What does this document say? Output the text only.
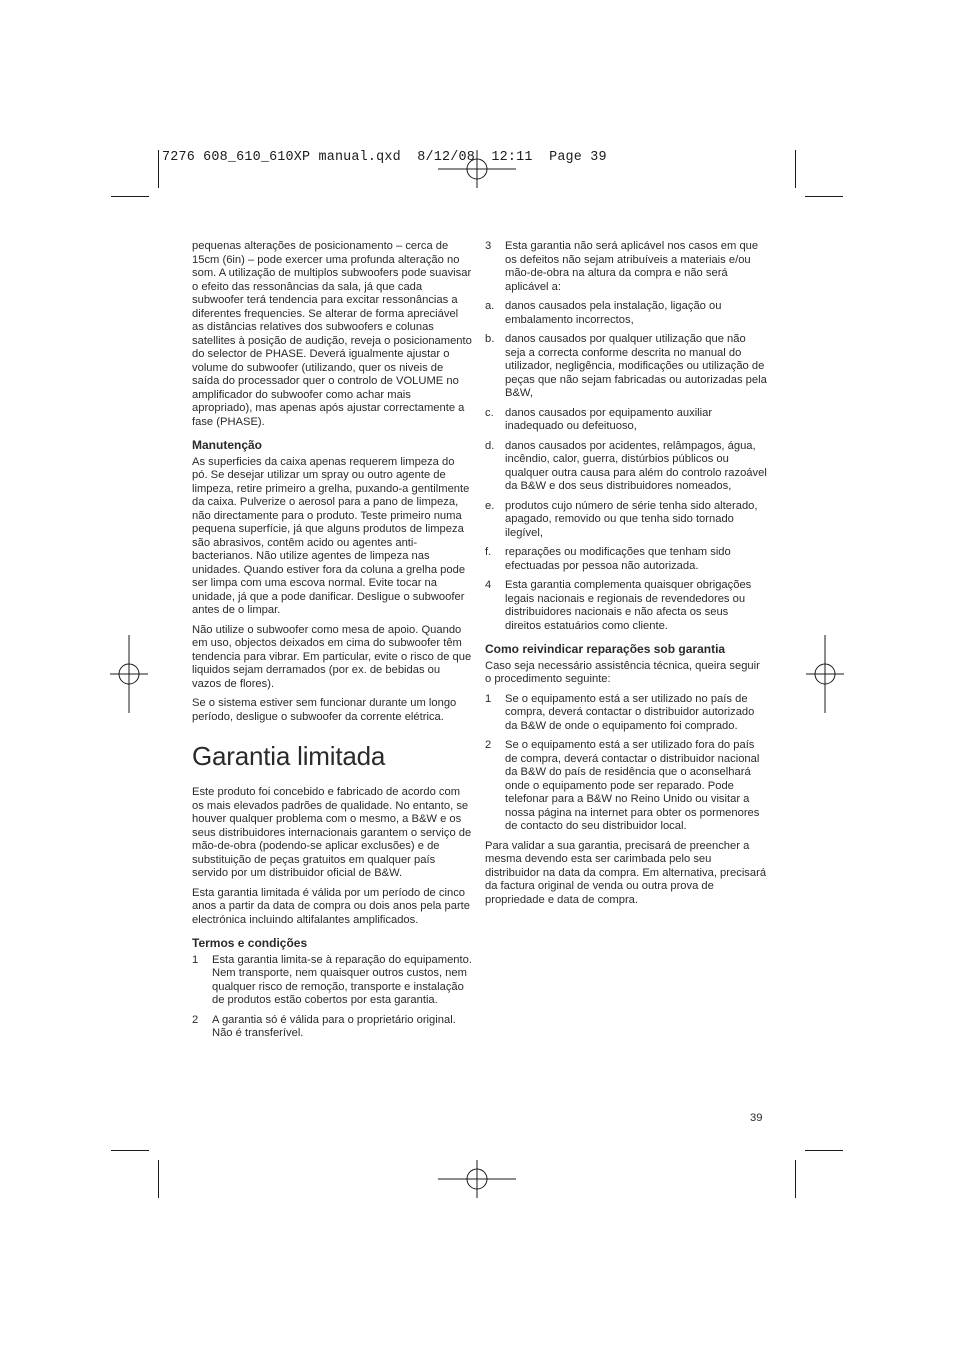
7276 608_610_610XP manual.qxd  8/12/08  12:11  Page 39

pequenas alterações de posicionamento – cerca de 15cm (6in) – pode exercer uma profunda alteração no som. A utilização de multiplos subwoofers pode suavisar o efeito das ressonâncias da sala, já que cada subwoofer terá tendencia para excitar ressonâncias a diferentes frequencies. Se alterar de forma apreciável as distâncias relatives dos subwoofers e colunas satellites à posição de audição, reveja o posicionamento do selector de PHASE. Deverá igualmente ajustar o volume do subwoofer (utilizando, quer os niveis de saída do processador quer o controlo de VOLUME no amplificador do subwoofer como achar mais apropriado), mas apenas após ajustar correctamente a fase (PHASE).

Manutenção

As superficies da caixa apenas requerem limpeza do pó. Se desejar utilizar um spray ou outro agente de limpeza, retire primeiro a grelha, puxando-a gentilmente da caixa. Pulverize o aerosol para a pano de limpeza, não directamente para o produto. Teste primeiro numa pequena superfície, já que alguns produtos de limpeza são abrasivos, contêm acido ou agentes anti-bacterianos. Não utilize agentes de limpeza nas unidades. Quando estiver fora da coluna a grelha pode ser limpa com uma escova normal. Evite tocar na unidade, já que a pode danificar. Desligue o subwoofer antes de o limpar.

Não utilize o subwoofer como mesa de apoio. Quando em uso, objectos deixados em cima do subwoofer têm tendencia para vibrar. Em particular, evite o risco de que liquidos sejam derramados (por ex. de bebidas ou vazos de flores).

Se o sistema estiver sem funcionar durante um longo período, desligue o subwoofer da corrente elétrica.

Garantia limitada

Este produto foi concebido e fabricado de acordo com os mais elevados padrões de qualidade. No entanto, se houver qualquer problema com o mesmo, a B&W e os seus distribuidores internacionais garantem o serviço de mão-de-obra (podendo-se aplicar exclusões) e de substituição de peças gratuitos em qualquer país servido por um distribuidor oficial de B&W.

Esta garantia limitada é válida por um período de cinco anos a partir da data de compra ou dois anos pela parte electrónica incluindo altifalantes amplificados.

Termos e condições
1 Esta garantia limita-se à reparação do equipamento. Nem transporte, nem quaisquer outros custos, nem qualquer risco de remoção, transporte e instalação de produtos estão cobertos por esta garantia.
2 A garantia só é válida para o proprietário original. Não é transferível.
3 Esta garantia não será aplicável nos casos em que os defeitos não sejam atribuíveis a materiais e/ou mão-de-obra na altura da compra e não será aplicável a:
a. danos causados pela instalação, ligação ou embalamento incorrectos,
b. danos causados por qualquer utilização que não seja a correcta conforme descrita no manual do utilizador, negligência, modificações ou utilização de peças que não sejam fabricadas ou autorizadas pela B&W,
c. danos causados por equipamento auxiliar inadequado ou defeituoso,
d. danos causados por acidentes, relâmpagos, água, incêndio, calor, guerra, distúrbios públicos ou qualquer outra causa para além do controlo razoável da B&W e dos seus distribuidores nomeados,
e. produtos cujo número de série tenha sido alterado, apagado, removido ou que tenha sido tornado ilegível,
f. reparações ou modificações que tenham sido efectuadas por pessoa não autorizada.
4 Esta garantia complementa quaisquer obrigações legais nacionais e regionais de revendedores ou distribuidores nacionais e não afecta os seus direitos estatuários como cliente.
Como reivindicar reparações sob garantia

Caso seja necessário assistência técnica, queira seguir o procedimento seguinte:

1 Se o equipamento está a ser utilizado no país de compra, deverá contactar o distribuidor autorizado da B&W de onde o equipamento foi comprado.
2 Se o equipamento está a ser utilizado fora do país de compra, deverá contactar o distribuidor nacional da B&W do país de residência que o aconselhará onde o equipamento pode ser reparado. Pode telefonar para a B&W no Reino Unido ou visitar a nossa página na internet para obter os pormenores de contacto do seu distribuidor local.

Para validar a sua garantia, precisará de preencher a mesma devendo esta ser carimbada pelo seu distribuidor na data da compra. Em alternativa, precisará da factura original de venda ou outra prova de propriedade e data de compra.

39
